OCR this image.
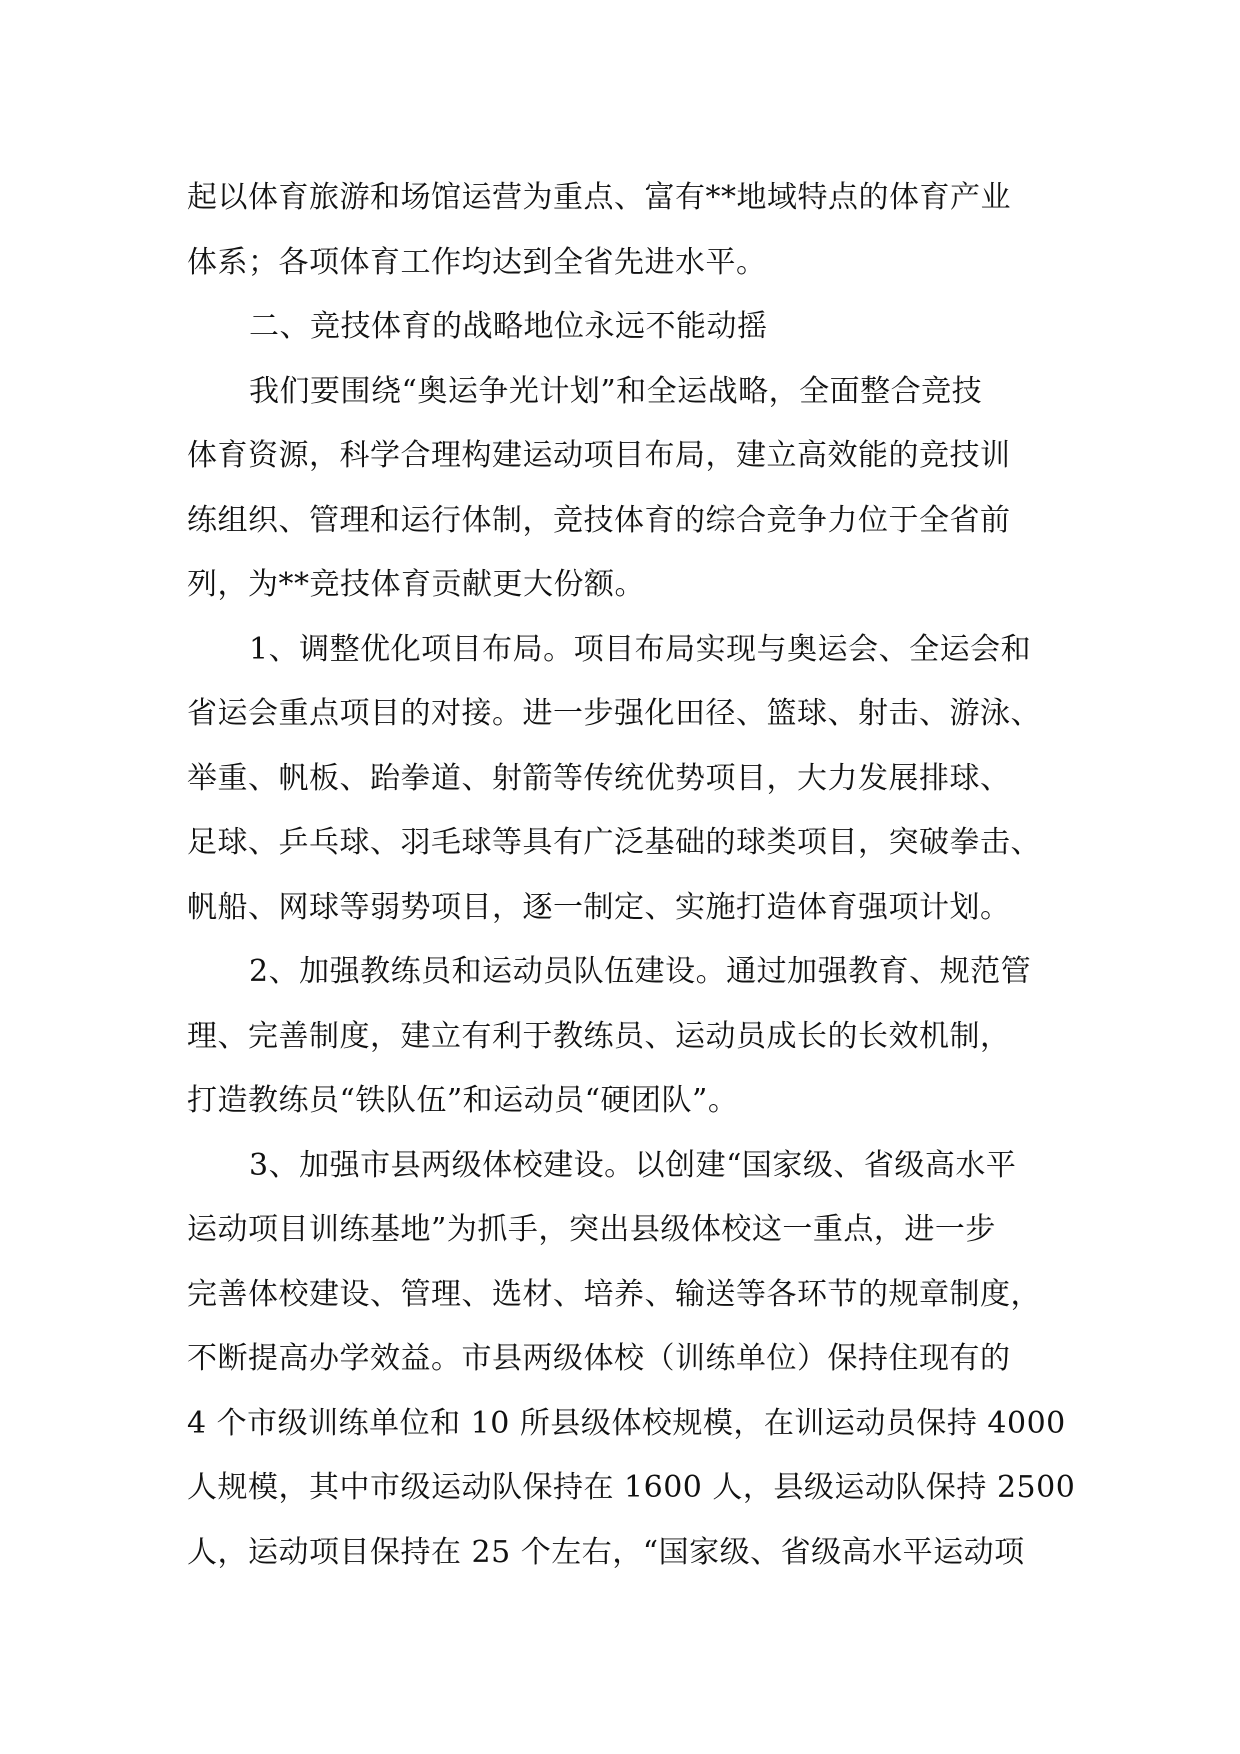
起以体育旅游和场馆运营为重点、富有**地域特点的体育产业
体系；各项体育工作均达到全省先进水平。
二、竞技体育的战略地位永远不能动摇
我们要围绕“奥运争光计划”和全运战略，全面整合竞技
体育资源，科学合理构建运动项目布局，建立高效能的竞技训
练组织、管理和运行体制，竞技体育的综合竞争力位于全省前
列，为**竞技体育贡献更大份额。
1、调整优化项目布局。项目布局实现与奥运会、全运会和
省运会重点项目的对接。进一步强化田径、篮球、射击、游泳、
举重、帆板、跆拳道、射箭等传统优势项目，大力发展排球、
足球、乒乓球、羽毛球等具有广泛基础的球类项目，突破拳击、
帆船、网球等弱势项目，逐一制定、实施打造体育强项计划。
2、加强教练员和运动员队伍建设。通过加强教育、规范管
理、完善制度，建立有利于教练员、运动员成长的长效机制，
打造教练员“铁队伍”和运动员“硬团队”。
3、加强市县两级体校建设。以创建“国家级、省级高水平
运动项目训练基地”为抓手，突出县级体校这一重点，进一步
完善体校建设、管理、选材、培养、输送等各环节的规章制度，
不断提高办学效益。市县两级体校（训练单位）保持住现有的
4 个市级训练单位和 10 所县级体校规模，在训运动员保持 4000
人规模，其中市级运动队保持在 1600 人，县级运动队保持 2500
人，运动项目保持在 25 个左右，“国家级、省级高水平运动项
